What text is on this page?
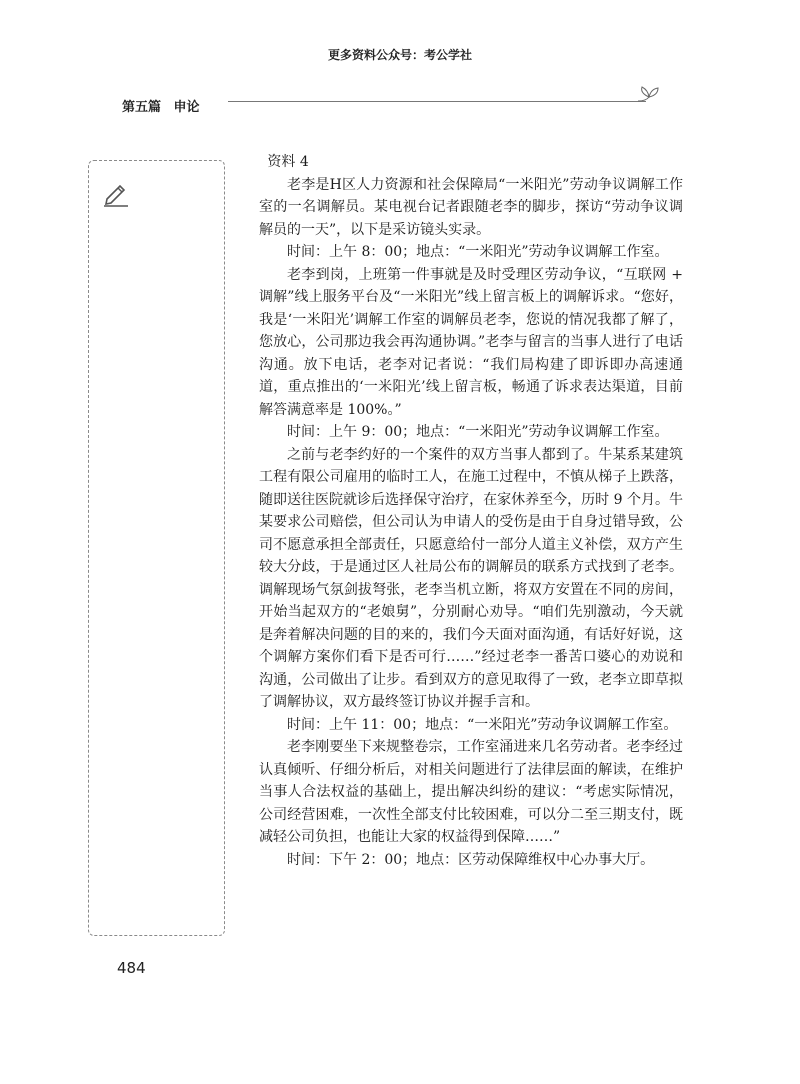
更多资料公众号：考公学社
第五篇 申论

资料 4

老李是H区人力资源和社会保障局“一米阳光”劳动争议调解工作室的一名调解员。某电视台记者跟随老李的脚步，探访“劳动争议调解员的一天”，以下是采访镜头实录。

时间：上午 8：00；地点：“一米阳光”劳动争议调解工作室。

老李到岗，上班第一件事就是及时受理区劳动争议，“互联网 + 调解”线上服务平台及“一米阳光”线上留言板上的调解诉求。“您好，我是‘一米阳光’调解工作室的调解员老李，您说的情况我都了解了，您放心，公司那边我会再沟通协调。”老李与留言的当事人进行了电话沟通。放下电话，老李对记者说：“我们局构建了即诉即办高速通道，重点推出的‘一米阳光’线上留言板，畅通了诉求表达渠道，目前解答满意率是 100%。”

时间：上午 9：00；地点：“一米阳光”劳动争议调解工作室。

之前与老李约好的一个案件的双方当事人都到了。牛某系某建筑工程有限公司雇用的临时工人，在施工过程中，不慎从梯子上跌落，随即送往医院就诊后选择保守治疗，在家休养至今，历时 9 个月。牛某要求公司赔偿，但公司认为申请人的受伤是由于自身过错导致，公司不愿意承担全部责任，只愿意给付一部分人道主义补偿，双方产生较大分歧，于是通过区人社局公布的调解员的联系方式找到了老李。调解现场气氛剑拔弩张，老李当机立断，将双方安置在不同的房间，开始当起双方的“老娘舅”，分别耐心劝导。“咱们先别激动，今天就是奔着解决问题的目的来的，我们今天面对面沟通，有话好好说，这个调解方案你们看下是否可行……”经过老李一番苦口婆心的劝说和沟通，公司做出了让步。看到双方的意见取得了一致，老李立即草拟了调解协议，双方最终签订协议并握手言和。

时间：上午 11：00；地点：“一米阳光”劳动争议调解工作室。

老李刚要坐下来规整卷宗，工作室涌进来几名劳动者。老李经过认真倾听、仔细分析后，对相关问题进行了法律层面的解读，在维护当事人合法权益的基础上，提出解决纠纷的建议：“考虑实际情况，公司经营困难，一次性全部支付比较困难，可以分二至三期支付，既减轻公司负担，也能让大家的权益得到保障……”

时间：下午 2：00；地点：区劳动保障维权中心办事大厅。

484
